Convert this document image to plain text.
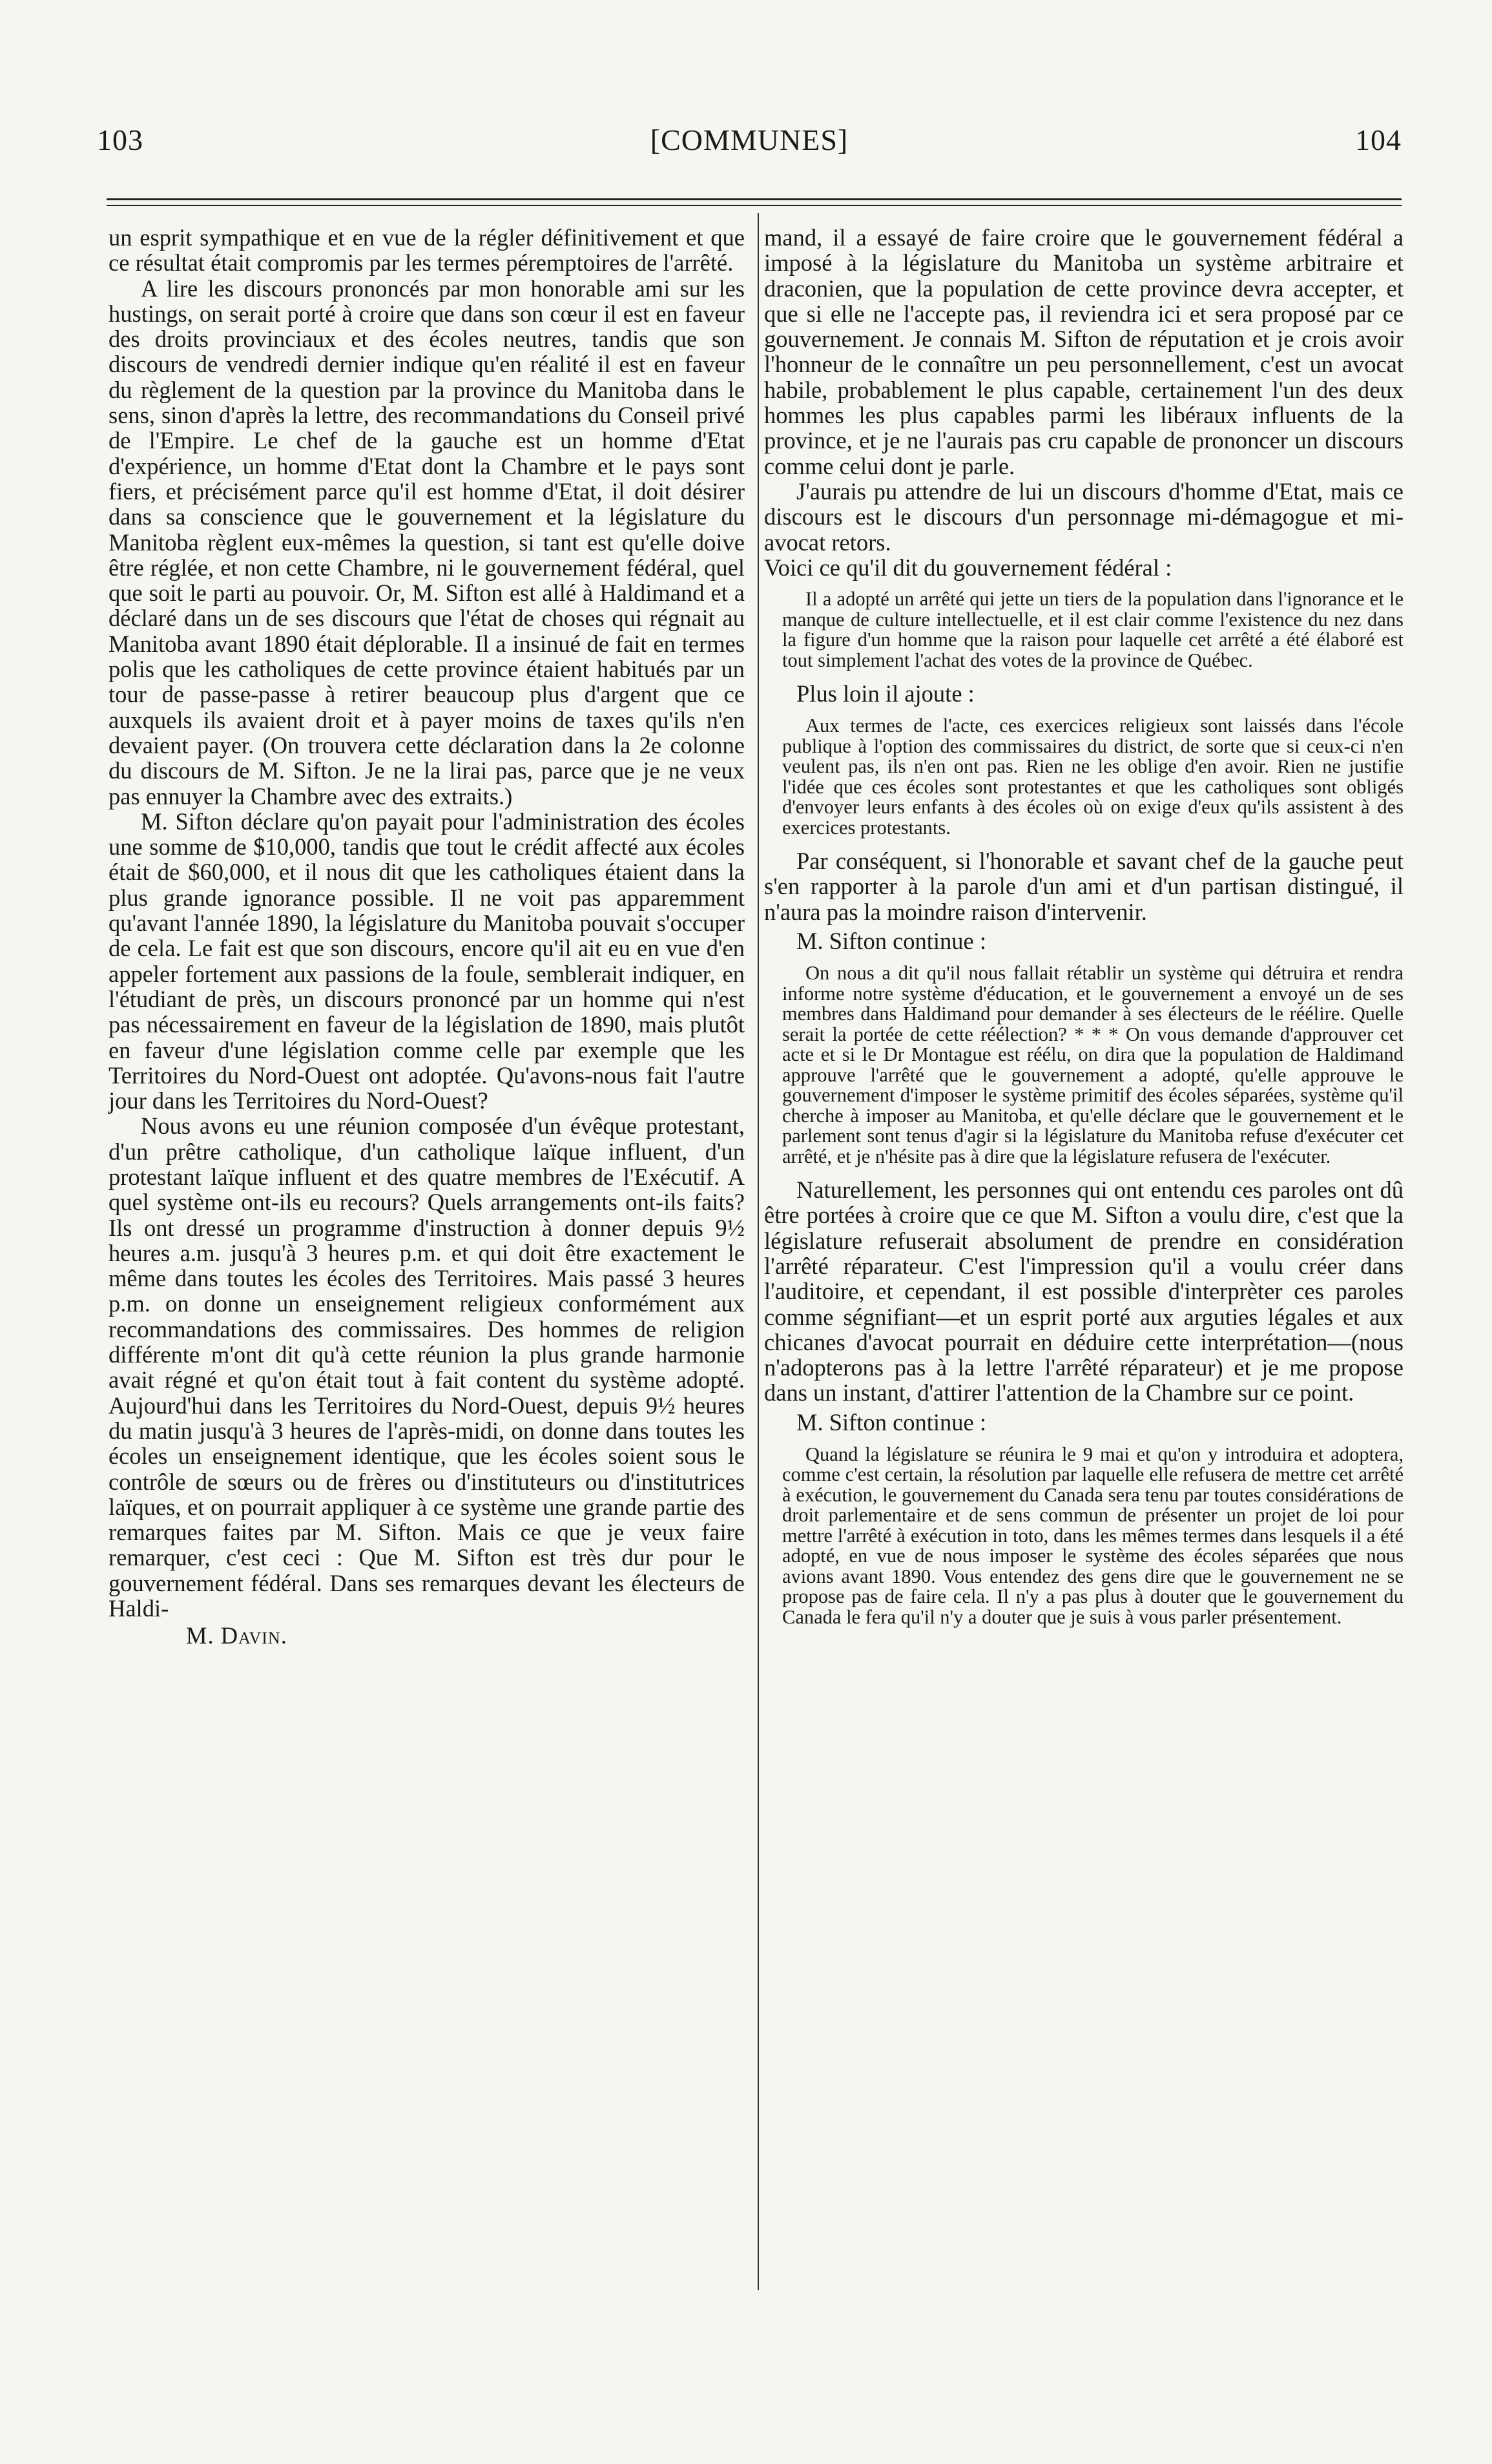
103	[COMMUNES]	104

un esprit sympathique et en vue de la régler définitivement et que ce résultat était compromis par les termes péremptoires de l'arrêté.

A lire les discours prononcés par mon honorable ami sur les hustings, on serait porté à croire que dans son cœur il est en faveur des droits provinciaux et des écoles neutres, tandis que son discours de vendredi dernier indique qu'en réalité il est en faveur du règlement de la question par la province du Manitoba dans le sens, sinon d'après la lettre, des recommandations du Conseil privé de l'Empire. Le chef de la gauche est un homme d'Etat d'expérience, un homme d'Etat dont la Chambre et le pays sont fiers, et précisément parce qu'il est homme d'Etat, il doit désirer dans sa conscience que le gouvernement et la législature du Manitoba règlent eux-mêmes la question, si tant est qu'elle doive être réglée, et non cette Chambre, ni le gouvernement fédéral, quel que soit le parti au pouvoir. Or, M. Sifton est allé à Haldimand et a déclaré dans un de ses discours que l'état de choses qui régnait au Manitoba avant 1890 était déplorable. Il a insinué de fait en termes polis que les catholiques de cette province étaient habitués par un tour de passe-passe à retirer beaucoup plus d'argent que ce auxquels ils avaient droit et à payer moins de taxes qu'ils n'en devaient payer. (On trouvera cette déclaration dans la 2e colonne du discours de M. Sifton. Je ne la lirai pas, parce que je ne veux pas ennuyer la Chambre avec des extraits.)

M. Sifton déclare qu'on payait pour l'administration des écoles une somme de $10,000, tandis que tout le crédit affecté aux écoles était de $60,000, et il nous dit que les catholiques étaient dans la plus grande ignorance possible. Il ne voit pas apparemment qu'avant l'année 1890, la législature du Manitoba pouvait s'occuper de cela. Le fait est que son discours, encore qu'il ait eu en vue d'en appeler fortement aux passions de la foule, semblerait indiquer, en l'étudiant de près, un discours prononcé par un homme qui n'est pas nécessairement en faveur de la législation de 1890, mais plutôt en faveur d'une législation comme celle par exemple que les Territoires du Nord-Ouest ont adoptée. Qu'avons-nous fait l'autre jour dans les Territoires du Nord-Ouest?

Nous avons eu une réunion composée d'un évêque protestant, d'un prêtre catholique, d'un catholique laïque influent, d'un protestant laïque influent et des quatre membres de l'Exécutif. A quel système ont-ils eu recours? Quels arrangements ont-ils faits? Ils ont dressé un programme d'instruction à donner depuis 9½ heures a.m. jusqu'à 3 heures p.m. et qui doit être exactement le même dans toutes les écoles des Territoires. Mais passé 3 heures p.m. on donne un enseignement religieux conformément aux recommandations des commissaires. Des hommes de religion différente m'ont dit qu'à cette réunion la plus grande harmonie avait régné et qu'on était tout à fait content du système adopté. Aujourd'hui dans les Territoires du Nord-Ouest, depuis 9½ heures du matin jusqu'à 3 heures de l'après-midi, on donne dans toutes les écoles un enseignement identique, que les écoles soient sous le contrôle de sœurs ou de frères ou d'instituteurs ou d'institutrices laïques, et on pourrait appliquer à ce système une grande partie des remarques faites par M. Sifton. Mais ce que je veux faire remarquer, c'est ceci : Que M. Sifton est très dur pour le gouvernement fédéral. Dans ses remarques devant les électeurs de Haldi-

M. Davin.

mand, il a essayé de faire croire que le gouvernement fédéral a imposé à la législature du Manitoba un système arbitraire et draconien, que la population de cette province devra accepter, et que si elle ne l'accepte pas, il reviendra ici et sera proposé par ce gouvernement. Je connais M. Sifton de réputation et je crois avoir l'honneur de le connaître un peu personnellement, c'est un avocat habile, probablement le plus capable, certainement l'un des deux hommes les plus capables parmi les libéraux influents de la province, et je ne l'aurais pas cru capable de prononcer un discours comme celui dont je parle.

J'aurais pu attendre de lui un discours d'homme d'Etat, mais ce discours est le discours d'un personnage mi-démagogue et mi-avocat retors.

Voici ce qu'il dit du gouvernement fédéral :

Il a adopté un arrêté qui jette un tiers de la population dans l'ignorance et le manque de culture intellectuelle, et il est clair comme l'existence du nez dans la figure d'un homme que la raison pour laquelle cet arrêté a été élaboré est tout simplement l'achat des votes de la province de Québec.

Plus loin il ajoute :

Aux termes de l'acte, ces exercices religieux sont laissés dans l'école publique à l'option des commissaires du district, de sorte que si ceux-ci n'en veulent pas, ils n'en ont pas. Rien ne les oblige d'en avoir. Rien ne justifie l'idée que ces écoles sont protestantes et que les catholiques sont obligés d'envoyer leurs enfants à des écoles où on exige d'eux qu'ils assistent à des exercices protestants.

Par conséquent, si l'honorable et savant chef de la gauche peut s'en rapporter à la parole d'un ami et d'un partisan distingué, il n'aura pas la moindre raison d'intervenir.

M. Sifton continue :

On nous a dit qu'il nous fallait rétablir un système qui détruira et rendra informe notre système d'éducation, et le gouvernement a envoyé un de ses membres dans Haldimand pour demander à ses électeurs de le réélire. Quelle serait la portée de cette réélection? * * * On vous demande d'approuver cet acte et si le Dr Montague est réélu, on dira que la population de Haldimand approuve l'arrêté que le gouvernement a adopté, qu'elle approuve le gouvernement d'imposer le système primitif des écoles séparées, système qu'il cherche à imposer au Manitoba, et qu'elle déclare que le gouvernement et le parlement sont tenus d'agir si la législature du Manitoba refuse d'exécuter cet arrêté, et je n'hésite pas à dire que la législature refusera de l'exécuter.

Naturellement, les personnes qui ont entendu ces paroles ont dû être portées à croire que ce que M. Sifton a voulu dire, c'est que la législature refuserait absolument de prendre en considération l'arrêté réparateur. C'est l'impression qu'il a voulu créer dans l'auditoire, et cependant, il est possible d'interprèter ces paroles comme ségnifiant—et un esprit porté aux arguties légales et aux chicanes d'avocat pourrait en déduire cette interprétation—(nous n'adopterons pas à la lettre l'arrêté réparateur) et je me propose dans un instant, d'attirer l'attention de la Chambre sur ce point.

M. Sifton continue :

Quand la législature se réunira le 9 mai et qu'on y introduira et adoptera, comme c'est certain, la résolution par laquelle elle refusera de mettre cet arrêté à exécution, le gouvernement du Canada sera tenu par toutes considérations de droit parlementaire et de sens commun de présenter un projet de loi pour mettre l'arrêté à exécution in toto, dans les mêmes termes dans lesquels il a été adopté, en vue de nous imposer le système des écoles séparées que nous avions avant 1890. Vous entendez des gens dire que le gouvernement ne se propose pas de faire cela. Il n'y a pas plus à douter que le gouvernement du Canada le fera qu'il n'y a douter que je suis à vous parler présentement.
